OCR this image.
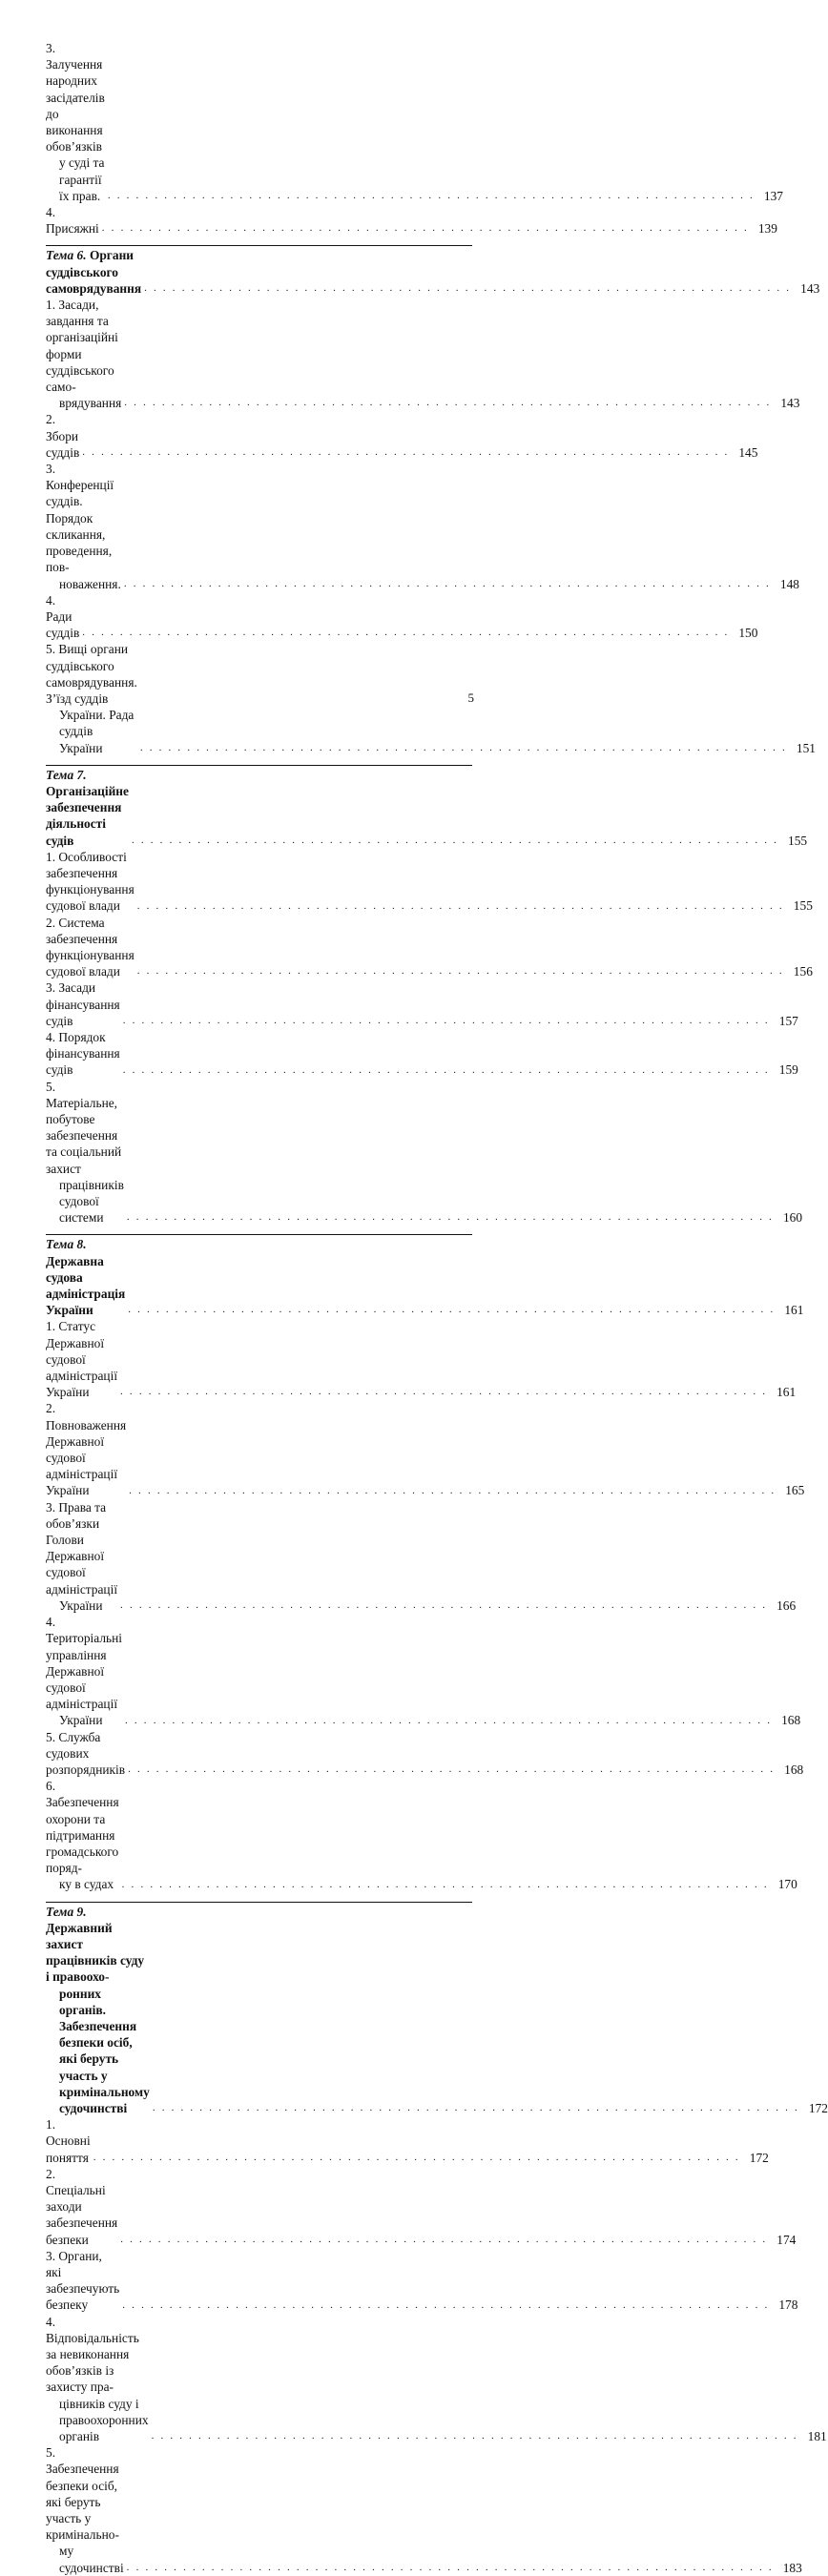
3. Залучення народних засідателів до виконання обов’язків
у суді та гарантії їх прав. . . . . . . . . . . . . . . . . . . . . . . . . . . . . . . . . . . . . . . . . . . . . . . . . . . . . . . . . . . . . . . . . . . . . . 137
4. Присяжні . . . . . . . . . . . . . . . . . . . . . . . . . . . . . . . . . . . . . . . . . . . . . . . . . . . . . . . . . . . . . . . . . . . . . 139
Тема 6. Органи суддівського самоврядування . . . . . . . . . . . . . . . . . . . . . . . . . . . . . . . . . . . . . . . . . . . . . . . . . . . . . . . . . . . . . . . . . . . . . 143
1. Засади, завдання та організаційні форми суддівського само-
врядування . . . . . . . . . . . . . . . . . . . . . . . . . . . . . . . . . . . . . . . . . . . . . . . . . . . . . . . . . . . . . . . . . . . . . 143
2. Збори суддів . . . . . . . . . . . . . . . . . . . . . . . . . . . . . . . . . . . . . . . . . . . . . . . . . . . . . . . . . . . . . . . . . . . . . 145
3. Конференції суддів. Порядок скликання, проведення, пов-
новаження. . . . . . . . . . . . . . . . . . . . . . . . . . . . . . . . . . . . . . . . . . . . . . . . . . . . . . . . . . . . . . . . . . . . . . 148
4. Ради суддів . . . . . . . . . . . . . . . . . . . . . . . . . . . . . . . . . . . . . . . . . . . . . . . . . . . . . . . . . . . . . . . . . . . . . 150
5. Вищі органи суддівського самоврядування. З’їзд суддів
України. Рада суддів України	. . . . . . . . . . . . . . . . . . . . . . . . . . . . . . . . . . . . . . . . . . . . . . . . . . . . . . . . . . . . . . . . . . . . . 151
Тема 7. Організаційне забезпечення діяльності судів	. . . . . . . . . . . . . . . . . . . . . . . . . . . . . . . . . . . . . . . . . . . . . . . . . . . . . . . . . . . . . . . . . . . . . 155
1. Особливості забезпечення функціонування судової влади	. . . . . . . . . . . . . . . . . . . . . . . . . . . . . . . . . . . . . . . . . . . . . . . . . . . . . . . . . . . . . . . . . . . . . 155
2. Система забезпечення функціонування судової влади	. . . . . . . . . . . . . . . . . . . . . . . . . . . . . . . . . . . . . . . . . . . . . . . . . . . . . . . . . . . . . . . . . . . . . 156
3. Засади фінансування судів	. . . . . . . . . . . . . . . . . . . . . . . . . . . . . . . . . . . . . . . . . . . . . . . . . . . . . . . . . . . . . . . . . . . . . 157
4. Порядок фінансування судів	. . . . . . . . . . . . . . . . . . . . . . . . . . . . . . . . . . . . . . . . . . . . . . . . . . . . . . . . . . . . . . . . . . . . . 159
5. Матеріальне, побутове забезпечення та соціальний захист
працівників судової системи	. . . . . . . . . . . . . . . . . . . . . . . . . . . . . . . . . . . . . . . . . . . . . . . . . . . . . . . . . . . . . . . . . . . . . 160
Тема 8. Державна судова адміністрація України	. . . . . . . . . . . . . . . . . . . . . . . . . . . . . . . . . . . . . . . . . . . . . . . . . . . . . . . . . . . . . . . . . . . . . 161
1. Статус Державної судової адміністрації України	. . . . . . . . . . . . . . . . . . . . . . . . . . . . . . . . . . . . . . . . . . . . . . . . . . . . . . . . . . . . . . . . . . . . . 161
2. Повноваження Державної судової адміністрації України	. . . . . . . . . . . . . . . . . . . . . . . . . . . . . . . . . . . . . . . . . . . . . . . . . . . . . . . . . . . . . . . . . . . . . 165
3. Права та обов’язки Голови Державної судової адміністрації
України	. . . . . . . . . . . . . . . . . . . . . . . . . . . . . . . . . . . . . . . . . . . . . . . . . . . . . . . . . . . . . . . . . . . . . 166
4. Територіальні управління Державної судової адміністрації
України	. . . . . . . . . . . . . . . . . . . . . . . . . . . . . . . . . . . . . . . . . . . . . . . . . . . . . . . . . . . . . . . . . . . . . 168
5. Служба судових розпорядників . . . . . . . . . . . . . . . . . . . . . . . . . . . . . . . . . . . . . . . . . . . . . . . . . . . . . . . . . . . . . . . . . . . . . 168
6. Забезпечення охорони та підтримання громадського поряд-
ку в судах . . . . . . . . . . . . . . . . . . . . . . . . . . . . . . . . . . . . . . . . . . . . . . . . . . . . . . . . . . . . . . . . . . . . . 170
Тема 9. Державний захист працівників суду і правоохо-
ронних органів. Забезпечення безпеки осіб,
які беруть участь у кримінальному судочинстві	. . . . . . . . . . . . . . . . . . . . . . . . . . . . . . . . . . . . . . . . . . . . . . . . . . . . . . . . . . . . . . . . . . . . . 172
1. Основні поняття . . . . . . . . . . . . . . . . . . . . . . . . . . . . . . . . . . . . . . . . . . . . . . . . . . . . . . . . . . . . . . . . . . . . . 172
2. Спеціальні заходи забезпечення безпеки	. . . . . . . . . . . . . . . . . . . . . . . . . . . . . . . . . . . . . . . . . . . . . . . . . . . . . . . . . . . . . . . . . . . . . 174
3. Органи, які забезпечують безпеку	. . . . . . . . . . . . . . . . . . . . . . . . . . . . . . . . . . . . . . . . . . . . . . . . . . . . . . . . . . . . . . . . . . . . . 178
4. Відповідальність за невиконання обов’язків із захисту пра-
цівників суду і правоохоронних органів	. . . . . . . . . . . . . . . . . . . . . . . . . . . . . . . . . . . . . . . . . . . . . . . . . . . . . . . . . . . . . . . . . . . . . 181
5. Забезпечення безпеки осіб, які беруть участь у кримінально-
му судочинстві . . . . . . . . . . . . . . . . . . . . . . . . . . . . . . . . . . . . . . . . . . . . . . . . . . . . . . . . . . . . . . . . . . . . . 183
5
